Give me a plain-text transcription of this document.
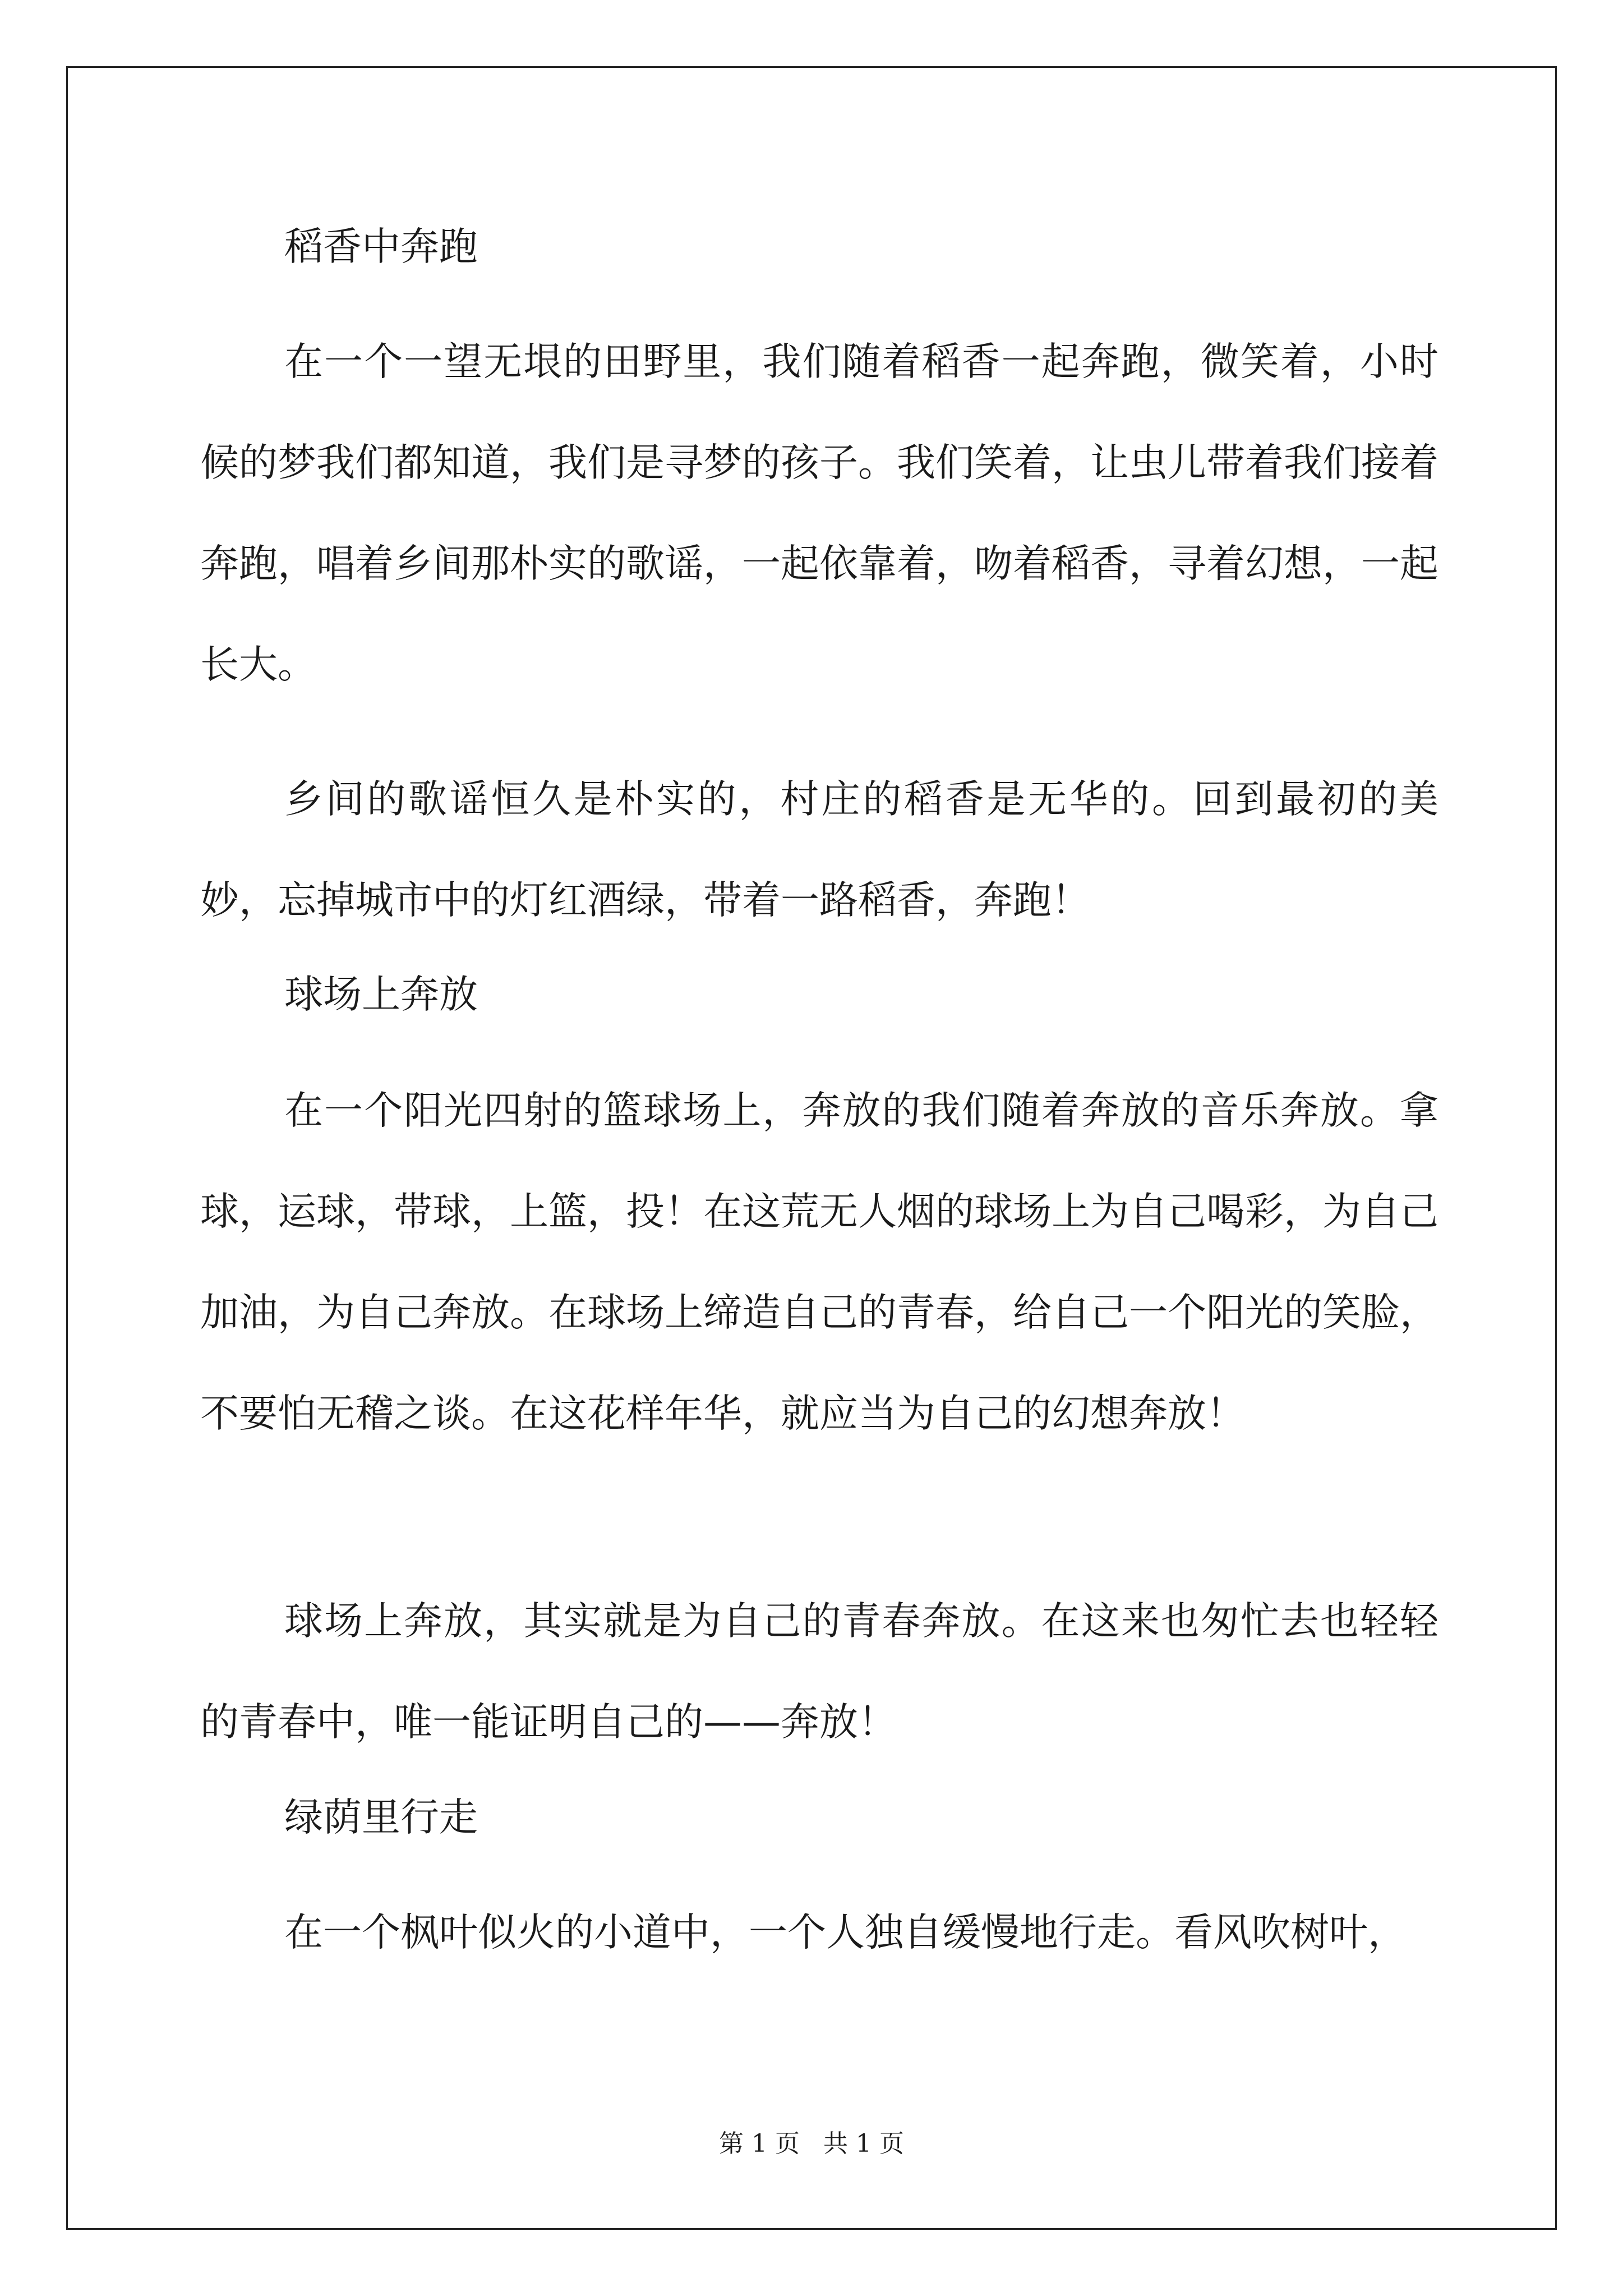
稻香中奔跑

在一个一望无垠的田野里，我们随着稻香一起奔跑，微笑着，小时候的梦我们都知道，我们是寻梦的孩子。我们笑着，让虫儿带着我们接着奔跑，唱着乡间那朴实的歌谣，一起依靠着，吻着稻香，寻着幻想，一起长大。

乡间的歌谣恒久是朴实的，村庄的稻香是无华的。回到最初的美妙，忘掉城市中的灯红酒绿，带着一路稻香，奔跑！

球场上奔放

在一个阳光四射的篮球场上，奔放的我们随着奔放的音乐奔放。拿球，运球，带球，上篮，投！在这荒无人烟的球场上为自己喝彩，为自己加油，为自己奔放。在球场上缔造自己的青春，给自己一个阳光的笑脸，不要怕无稽之谈。在这花样年华，就应当为自己的幻想奔放！

球场上奔放，其实就是为自己的青春奔放。在这来也匆忙去也轻轻的青春中，唯一能证明自己的——奔放！

绿荫里行走

在一个枫叶似火的小道中，一个人独自缓慢地行走。看风吹树叶，

第 1 页   共 1 页
